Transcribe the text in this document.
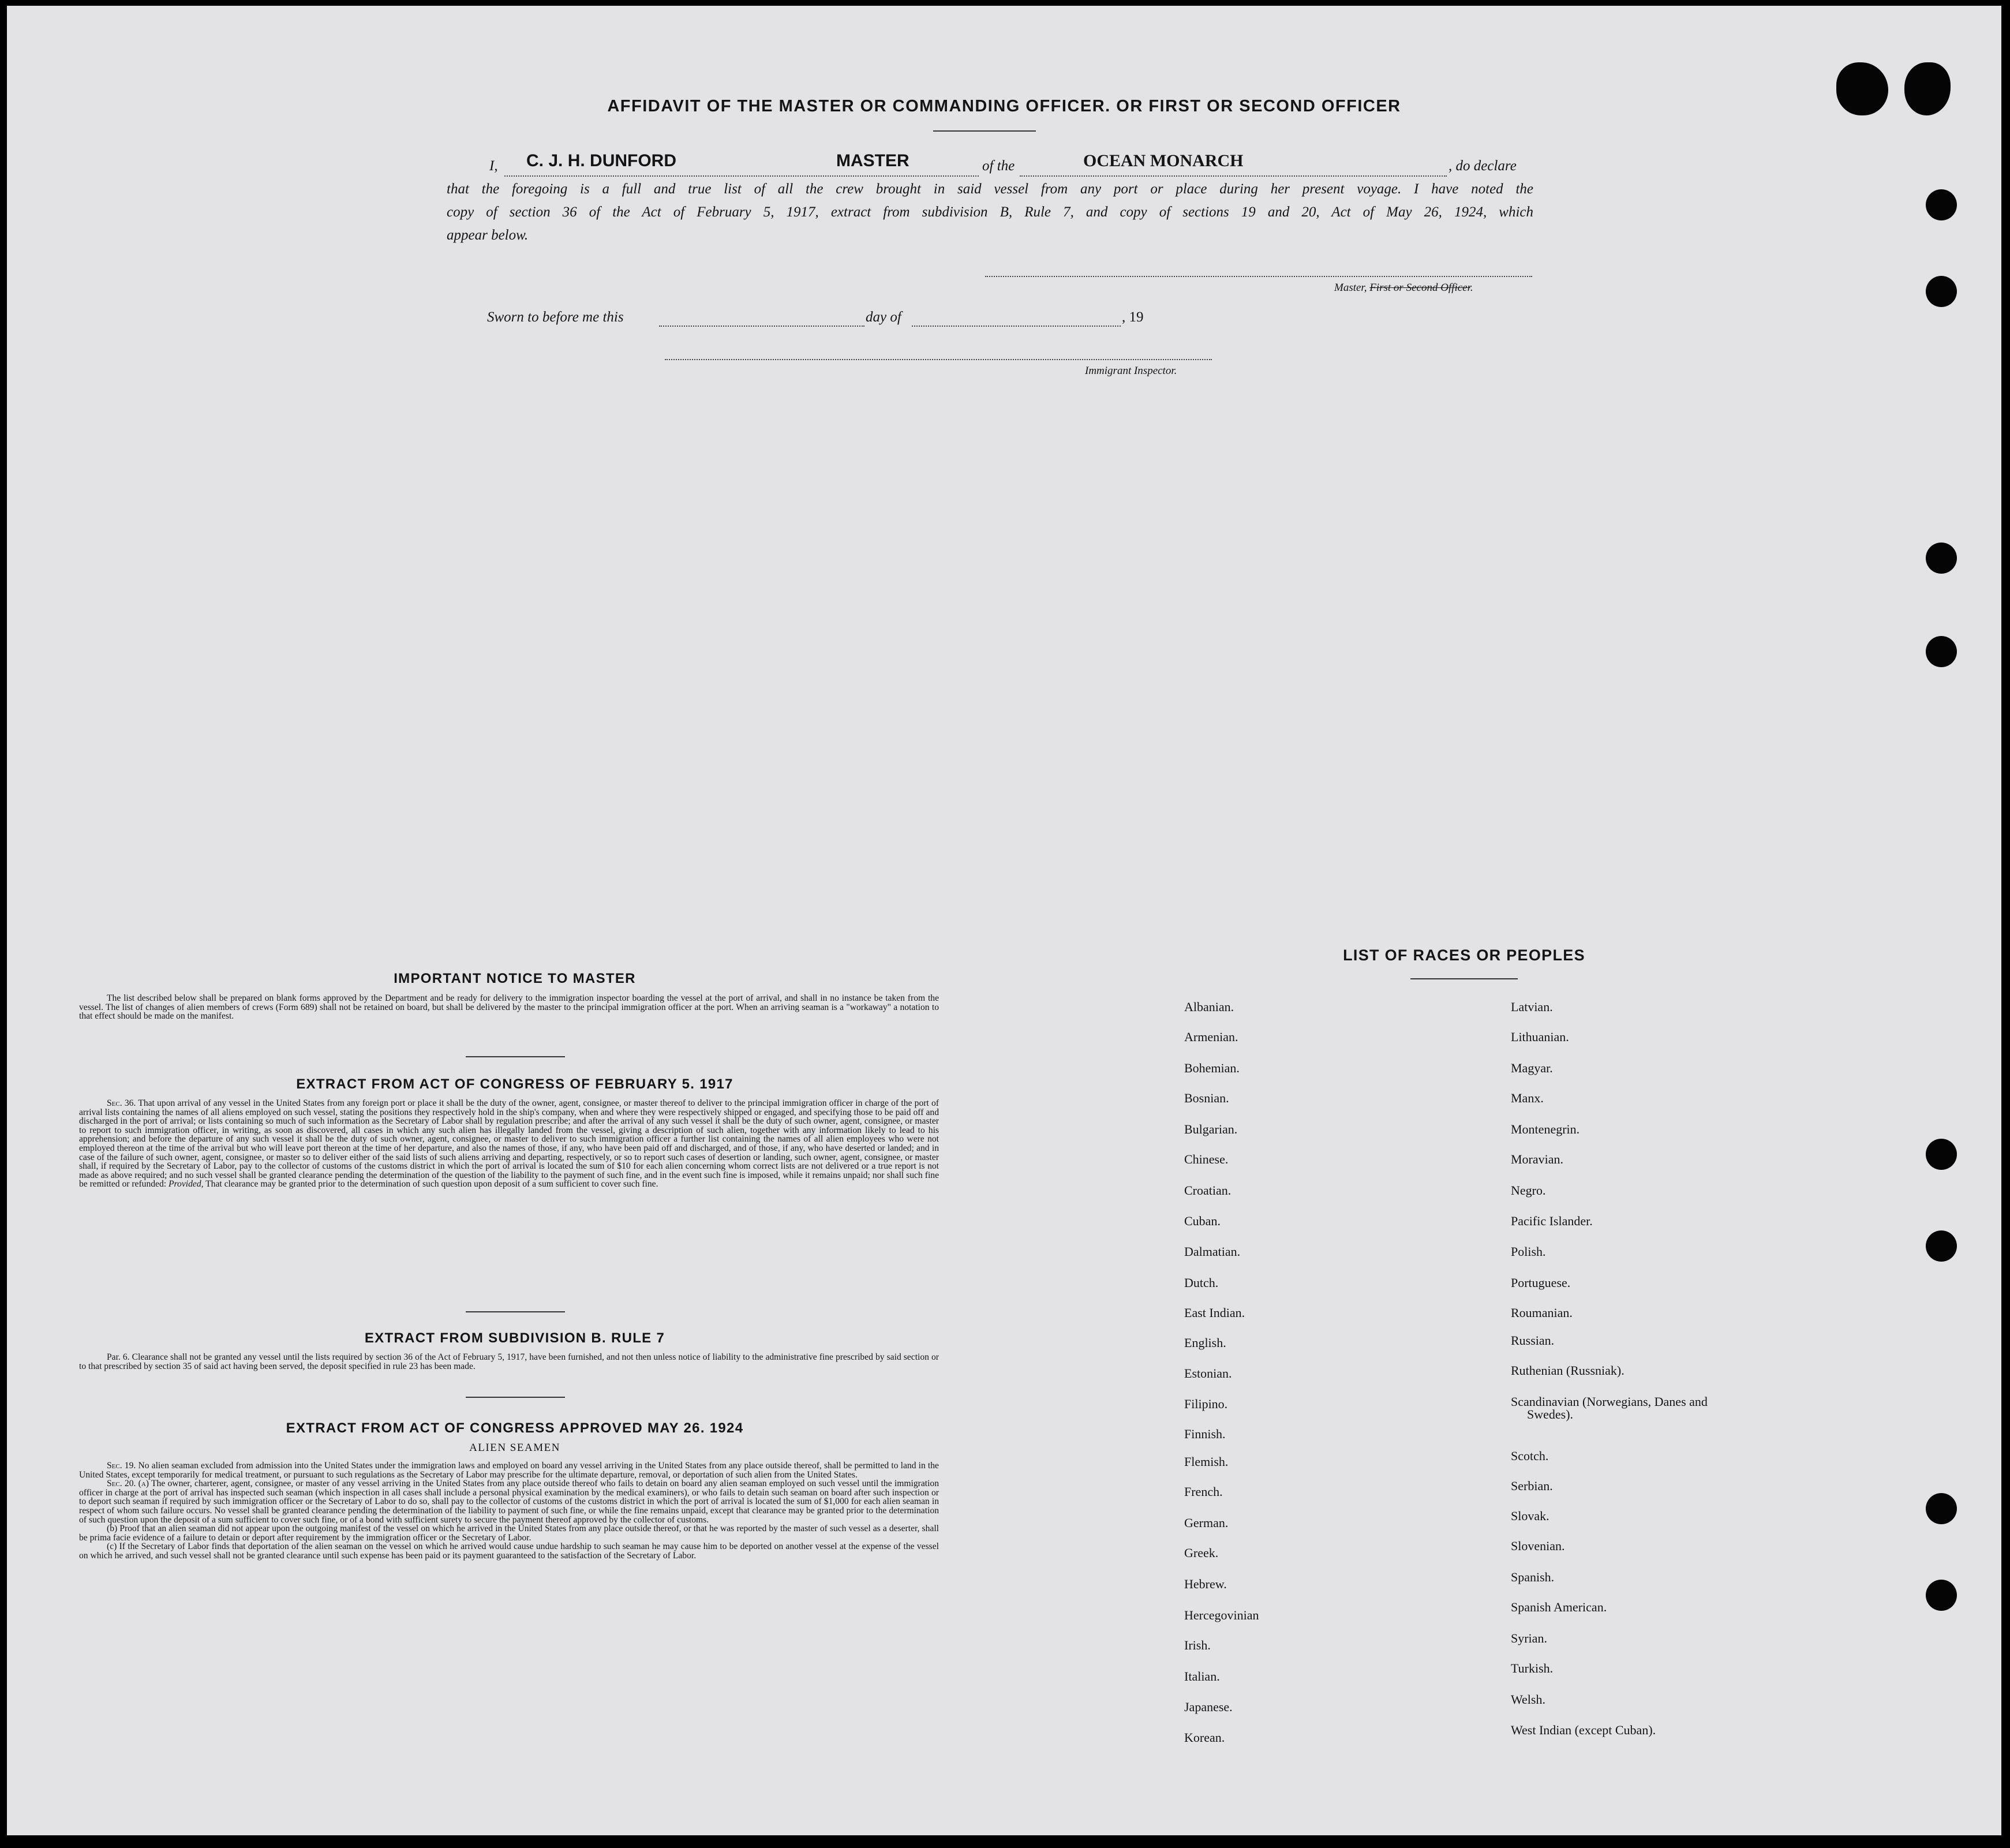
AFFIDAVIT OF THE MASTER OR COMMANDING OFFICER. OR FIRST OR SECOND OFFICER
I, C. J. H. DUNFORD	MASTER	of the	OCEAN MONARCH	, do declare
that the foregoing is a full and true list of all the crew brought in said vessel from any port or place during her present voyage. I have noted the
copy of section 36 of the Act of February 5, 1917, extract from subdivision B, Rule 7, and copy of sections 19 and 20, Act of May 26, 1924, which
appear below.
Master, First or Second Officer.
Sworn to before me this	day of	, 19
Immigrant Inspector.
IMPORTANT NOTICE TO MASTER

The list described below shall be prepared on blank forms approved by the Department and be ready for delivery to the immigration inspector boarding the vessel at the port of arrival, and shall in no instance be taken from the vessel. The list of changes of alien members of crews (Form 689) shall not be retained on board, but shall be delivered by the master to the principal immigration officer at the port. When an arriving seaman is a "workaway" a notation to that effect should be made on the manifest.

EXTRACT FROM ACT OF CONGRESS OF FEBRUARY 5. 1917

Sec. 36. That upon arrival of any vessel in the United States from any foreign port or place it shall be the duty of the owner, agent, consignee, or master thereof to deliver to the principal immigration officer in charge of the port of arrival lists containing the names of all aliens employed on such vessel, stating the positions they respectively hold in the ship's company, when and where they were respectively shipped or engaged, and specifying those to be paid off and discharged in the port of arrival; or lists containing so much of such information as the Secretary of Labor shall by regulation prescribe; and after the arrival of any such vessel it shall be the duty of such owner, agent, consignee, or master to report to such immigration officer, in writing, as soon as discovered, all cases in which any such alien has illegally landed from the vessel, giving a description of such alien, together with any information likely to lead to his apprehension; and before the departure of any such vessel it shall be the duty of such owner, agent, consignee, or master to deliver to such immigration officer a further list containing the names of all alien employees who were not employed thereon at the time of the arrival but who will leave port thereon at the time of her departure, and also the names of those, if any, who have been paid off and discharged, and of those, if any, who have deserted or landed; and in case of the failure of such owner, agent, consignee, or master so to deliver either of the said lists of such aliens arriving and departing, respectively, or so to report such cases of desertion or landing, such owner, agent, consignee, or master shall, if required by the Secretary of Labor, pay to the collector of customs of the customs district in which the port of arrival is located the sum of $10 for each alien concerning whom correct lists are not delivered or a true report is not made as above required; and no such vessel shall be granted clearance pending the determination of the question of the liability to the payment of such fine, and in the event such fine is imposed, while it remains unpaid; nor shall such fine be remitted or refunded: Provided, That clearance may be granted prior to the determination of such question upon deposit of a sum sufficient to cover such fine.

EXTRACT FROM SUBDIVISION B. RULE 7

Par. 6. Clearance shall not be granted any vessel until the lists required by section 36 of the Act of February 5, 1917, have been furnished, and not then unless notice of liability to the administrative fine prescribed by said section or to that prescribed by section 35 of said act having been served, the deposit specified in rule 23 has been made.

EXTRACT FROM ACT OF CONGRESS APPROVED MAY 26. 1924
ALIEN SEAMEN

Sec. 19. No alien seaman excluded from admission into the United States under the immigration laws and employed on board any vessel arriving in the United States from any place outside thereof, shall be permitted to land in the United States, except temporarily for medical treatment, or pursuant to such regulations as the Secretary of Labor may prescribe for the ultimate departure, removal, or deportation of such alien from the United States.

Sec. 20. (a) The owner, charterer, agent, consignee, or master of any vessel arriving in the United States from any place outside thereof who fails to detain on board any alien seaman employed on such vessel until the immigration officer in charge at the port of arrival has inspected such seaman (which inspection in all cases shall include a personal physical examination by the medical examiners), or who fails to detain such seaman on board after such inspection or to deport such seaman if required by such immigration officer or the Secretary of Labor to do so, shall pay to the collector of customs of the customs district in which the port of arrival is located the sum of $1,000 for each alien seaman in respect of whom such failure occurs. No vessel shall be granted clearance pending the determination of the liability to payment of such fine, or while the fine remains unpaid, except that clearance may be granted prior to the determination of such question upon the deposit of a sum sufficient to cover such fine, or of a bond with sufficient surety to secure the payment thereof approved by the collector of customs.

(b) Proof that an alien seaman did not appear upon the outgoing manifest of the vessel on which he arrived in the United States from any place outside thereof, or that he was reported by the master of such vessel as a deserter, shall be prima facie evidence of a failure to detain or deport after requirement by the immigration officer or the Secretary of Labor.

(c) If the Secretary of Labor finds that deportation of the alien seaman on the vessel on which he arrived would cause undue hardship to such seaman he may cause him to be deported on another vessel at the expense of the vessel on which he arrived, and such vessel shall not be granted clearance until such expense has been paid or its payment guaranteed to the satisfaction of the Secretary of Labor.

LIST OF RACES OR PEOPLES
Albanian.
Armenian.
Bohemian.
Bosnian.
Bulgarian.
Chinese.
Croatian.
Cuban.
Dalmatian.
Dutch.
East Indian.
English.
Estonian.
Filipino.
Finnish.
Flemish.
French.
German.
Greek.
Hebrew.
Hercegovinian
Irish.
Italian.
Japanese.
Korean.
Latvian.
Lithuanian.
Magyar.
Manx.
Montenegrin.
Moravian.
Negro.
Pacific Islander.
Polish.
Portuguese.
Roumanian.
Russian.
Ruthenian (Russniak).
Scandinavian (Norwegians, Danes and Swedes).
Scotch.
Serbian.
Slovak.
Slovenian.
Spanish.
Spanish American.
Syrian.
Turkish.
Welsh.
West Indian (except Cuban).
